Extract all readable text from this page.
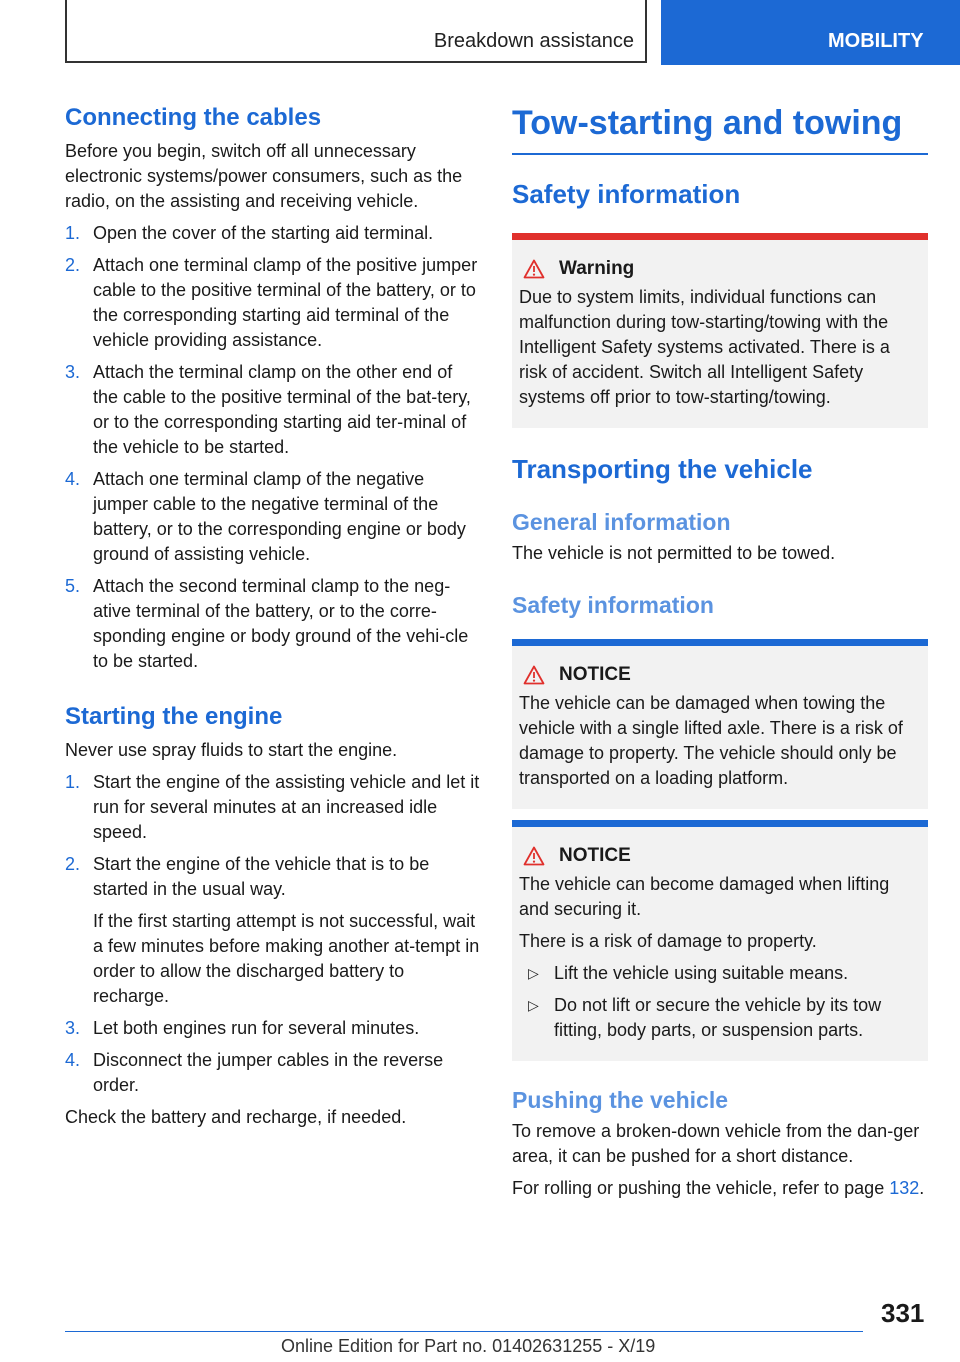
Breakdown assistance	MOBILITY
Connecting the cables

Before you begin, switch off all unnecessary electronic systems/power consumers, such as the radio, on the assisting and receiving vehicle.

1. Open the cover of the starting aid terminal.
2. Attach one terminal clamp of the positive jumper cable to the positive terminal of the battery, or to the corresponding starting aid terminal of the vehicle providing assistance.
3. Attach the terminal clamp on the other end of the cable to the positive terminal of the bat-tery, or to the corresponding starting aid ter-minal of the vehicle to be started.
4. Attach one terminal clamp of the negative jumper cable to the negative terminal of the battery, or to the corresponding engine or body ground of assisting vehicle.
5. Attach the second terminal clamp to the neg-ative terminal of the battery, or to the corre-sponding engine or body ground of the vehi-cle to be started.
Starting the engine

Never use spray fluids to start the engine.

1. Start the engine of the assisting vehicle and let it run for several minutes at an increased idle speed.
2. Start the engine of the vehicle that is to be started in the usual way.

If the first starting attempt is not successful, wait a few minutes before making another at-tempt in order to allow the discharged battery to recharge.

3. Let both engines run for several minutes.
4. Disconnect the jumper cables in the reverse order.

Check the battery and recharge, if needed.

Tow-starting and towing
Safety information
Warning

Due to system limits, individual functions can malfunction during tow-starting/towing with the Intelligent Safety systems activated. There is a risk of accident. Switch all Intelligent Safety systems off prior to tow-starting/towing.

Transporting the vehicle
General information

The vehicle is not permitted to be towed.

Safety information
NOTICE

The vehicle can be damaged when towing the vehicle with a single lifted axle. There is a risk of damage to property. The vehicle should only be transported on a loading platform.

NOTICE

The vehicle can become damaged when lifting and securing it.

There is a risk of damage to property.

▷ Lift the vehicle using suitable means.
▷ Do not lift or secure the vehicle by its tow fitting, body parts, or suspension parts.
Pushing the vehicle

To remove a broken-down vehicle from the dan-ger area, it can be pushed for a short distance.

For rolling or pushing the vehicle, refer to page 132.

331
Online Edition for Part no. 01402631255 - X/19
